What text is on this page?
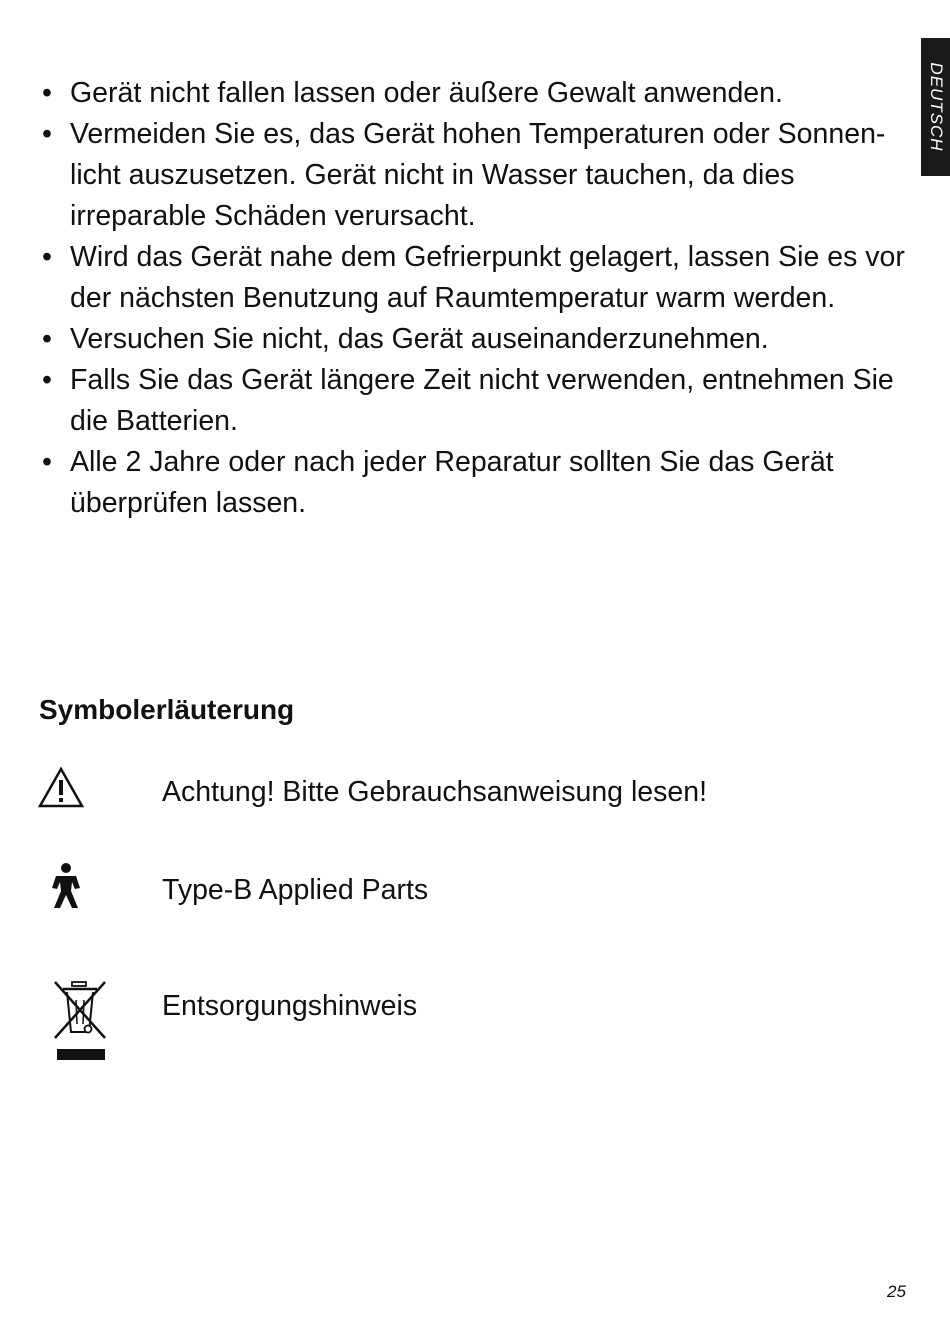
DEUTSCH
• Gerät nicht fallen lassen oder äußere Gewalt anwenden.
• Vermeiden Sie es, das Gerät hohen Temperaturen oder Sonnen-licht auszusetzen. Gerät nicht in Wasser tauchen, da dies irreparable Schäden verursacht.
• Wird das Gerät nahe dem Gefrierpunkt gelagert, lassen Sie es vor der nächsten Benutzung auf Raumtemperatur warm werden.
• Versuchen Sie nicht, das Gerät auseinanderzunehmen.
• Falls Sie das Gerät längere Zeit nicht verwenden, entnehmen Sie die Batterien.
• Alle 2 Jahre oder nach jeder Reparatur sollten Sie das Gerät überprüfen lassen.
Symbolerläuterung
Achtung! Bitte Gebrauchsanweisung lesen!
Type-B Applied Parts
Entsorgungshinweis
25
